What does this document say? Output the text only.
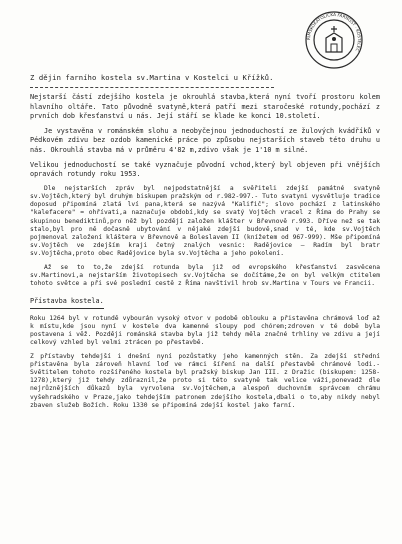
ŘÍMSKOKATOLICKÁ FARNOST · KOSTELEC
Z dějin farního kostela sv.Martina v Kostelci u Křížků.

Nejstarší částí zdejšího kostela je okrouhlá stavba,která nyní tvoří prostoru kolem hlavního oltáře. Tato původně svatyně,která patří mezi staročeské rotundy,pochází z prvních dob křesťanství u nás. Její stáří se klade ke konci 10.století.

Je vystavěna v románském slohu a neobyčejnou jednoduchostí ze žulových kvádříků v Pédkovém zdivu bez ozdob kamenické práce po způsobu nejstarších staveb této druhu u nás. Okrouhlá stavba má v průměru 4'82 m,zdivo však je 1'10 m silné.

Velikou jednoduchostí se také vyznačuje původní vchod,který byl objeven při vnějších opravách rotundy roku 1953.

Dle nejstarších zpráv byl nejpodstatnější a svěřiteli zdejší památné svatyně sv.Vojtěch,který byl druhým biskupem pražským od r.982-997.- Tuto svatyni vysvětluje tradice doposud připomíná zlatá lví pana,která se nazývá "Kalifič"; slovo pochází z latinského "kalefacere" = ohřívati,a naznačuje období,kdy se svatý Vojtěch vracel z Říma do Prahy se skupinou benediktinů,pro něž byl pozdějí založen klášter v Břevnově r.993. Dříve než se tak stalo,byl pro ně dočasně ubytování v nějaké zdejší budově,snad v té, kde sv.Vojtěch pojmenoval založení kláštera v Břevnově a Boleslavem II (knížetem od 967-999). Mše připomíná sv.Vojtěch ve zdejším kraji četný znalých vesnic: Radějovice – Radím byl bratr sv.Vojtěcha,proto obec Radějovice byla sv.Vojtěcha a jeho pokolení.

Až se to to,že zdejší rotunda byla již od evropského křesťanství zasvěcena sv.Martinovi,a nejstarším životopisech sv.Vojtěcha se dočítáme,že on byl velkým ctitelem tohoto světce a při své poslední cestě z Říma navštívil hrob sv.Martina v Tours ve Francii.

Přístavba kostela.

Roku 1264 byl v rotundě vybourán vysoký otvor v podobě oblouku a přistavěna chrámová loď až k místu,kde jsou nyní v kostele dva kamenné sloupy pod chórem;zdroven v té době byla postavena i věž. Později románská stavba byla již tehdy měla značné trhliny ve zdivu a její celkový vzhled byl velmi ztrácen po přestavbě.

Z přístavby tehdejší i dnešní nyní pozůstatky jeho kamenných stěn. Za zdejší střední přistavěna byla zároveň hlavní loď ve rámci šíření na další přestavbě chrámové lodi.-Světitelem tohoto rozšířeného kostela byl pražský biskup Jan III. z Dražic (biskupem: 1258-1278),který již tehdy zdůraznil,že proto si této svatyně tak velice váží,ponevadž dle nejrůznějších důkazů byla vyrvolena sv.Vojtěchem,a alespoň duchovním správcem chrámu vyšehradského v Praze,jako tehdejším patronem zdejšího kostela,dbali o to,aby nikdy nebyl zbaven služeb Božích. Roku 1330 se připomíná zdejší kostel jako farní.
